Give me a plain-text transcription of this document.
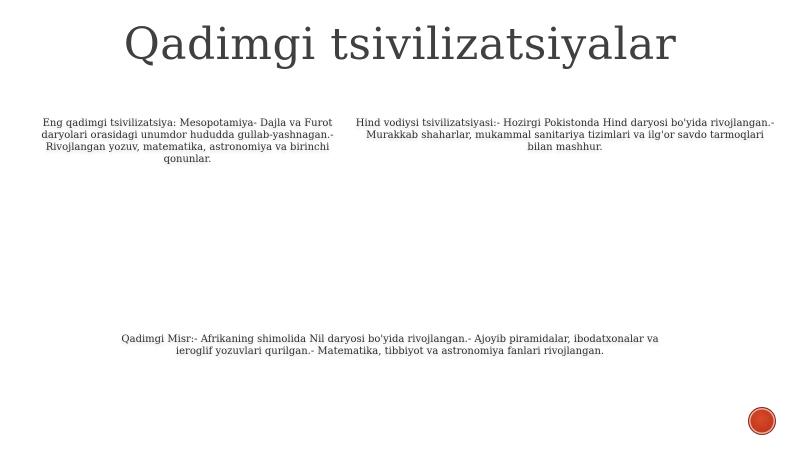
Qadimgi tsivilizatsiyalar

Eng qadimgi tsivilizatsiya: Mesopotamiya- Dajla va Furot daryolari orasidagi unumdor hududda gullab-yashnagan.- Rivojlangan yozuv, matematika, astronomiya va birinchi qonunlar.

Hind vodiysi tsivilizatsiyasi:- Hozirgi Pokistonda Hind daryosi bo'yida rivojlangan.- Murakkab shaharlar, mukammal sanitariya tizimlari va ilg'or savdo tarmoqlari bilan mashhur.

Qadimgi Misr:- Afrikaning shimolida Nil daryosi bo'yida rivojlangan.- Ajoyib piramidalar, ibodatxonalar va ieroglif yozuvlari qurilgan.- Matematika, tibbiyot va astronomiya fanlari rivojlangan.
